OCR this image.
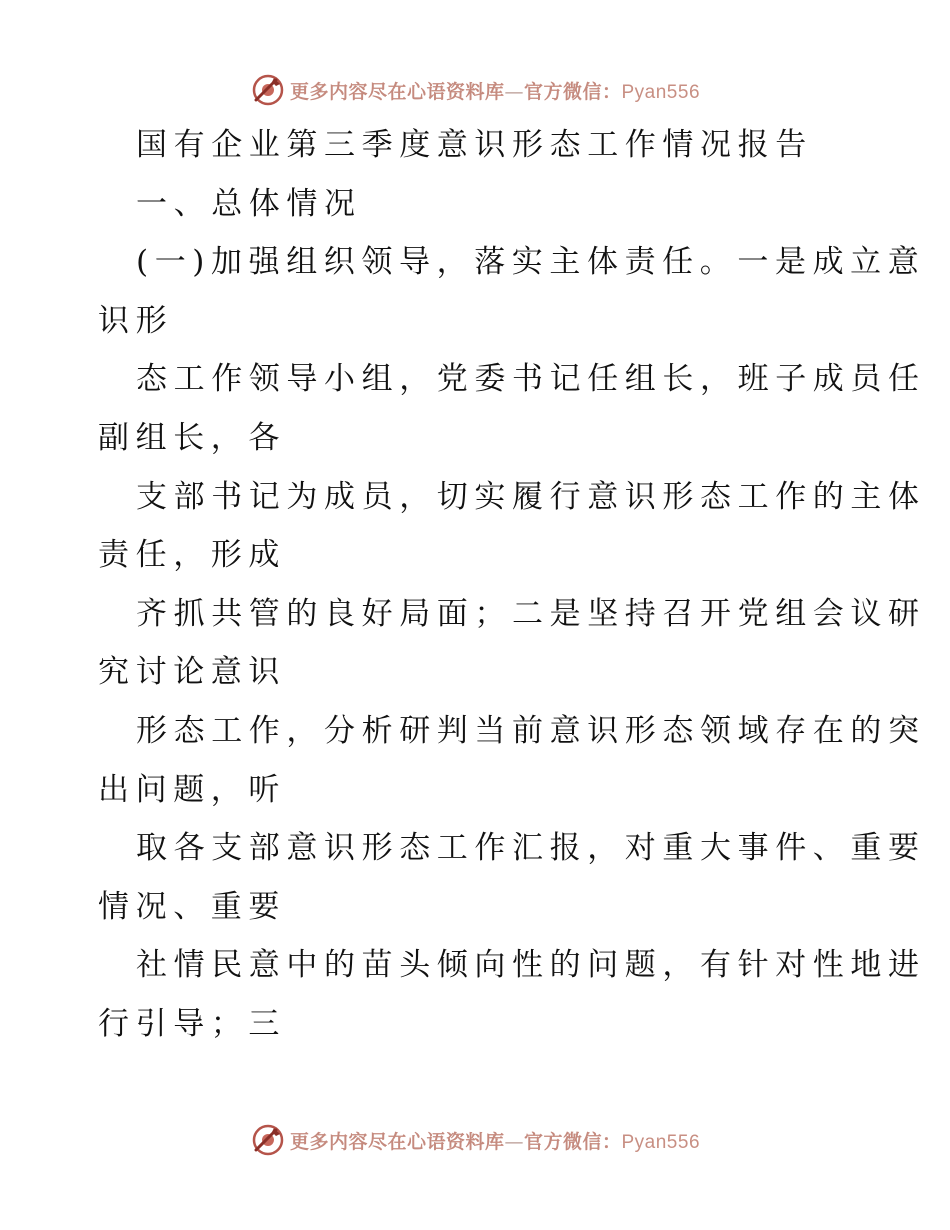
更多内容尽在心语资料库—官方微信：Pyan556
国有企业第三季度意识形态工作情况报告
一、总体情况
(一)加强组织领导，落实主体责任。一是成立意
识形
态工作领导小组，党委书记任组长，班子成员任
副组长，各
支部书记为成员，切实履行意识形态工作的主体
责任，形成
齐抓共管的良好局面；二是坚持召开党组会议研
究讨论意识
形态工作，分析研判当前意识形态领域存在的突
出问题，听
取各支部意识形态工作汇报，对重大事件、重要
情况、重要
社情民意中的苗头倾向性的问题，有针对性地进
行引导；三
更多内容尽在心语资料库—官方微信：Pyan556
